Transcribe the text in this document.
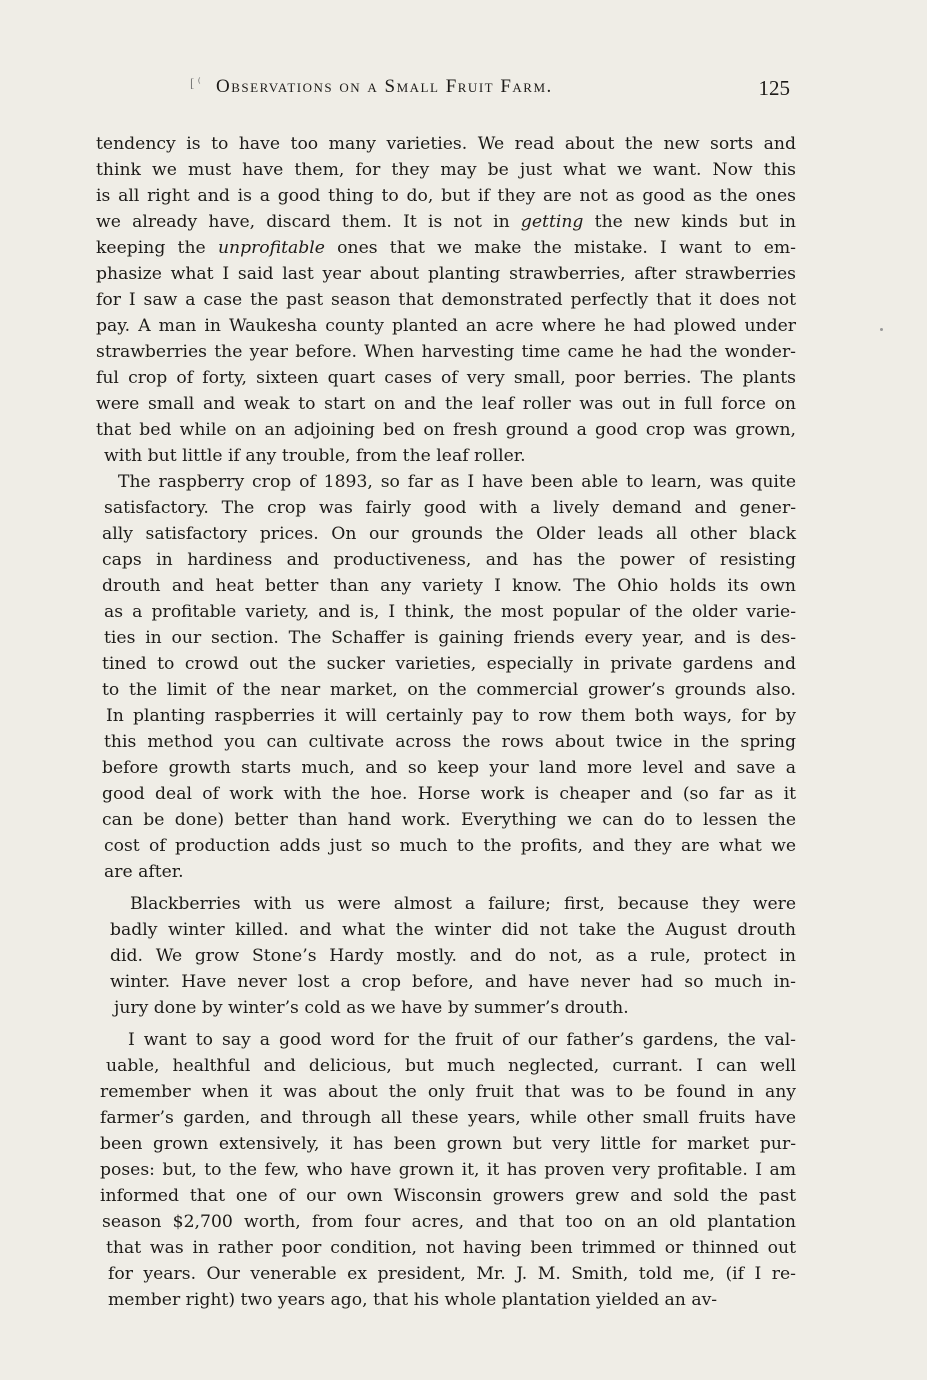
[ ⁽ Observations on a Small Fruit Farm.	125
tendency is to have too many varieties. We read about the new sorts and
think we must have them, for they may be just what we want. Now this
is all right and is a good thing to do, but if they are not as good as the ones
we already have, discard them. It is not in getting the new kinds but in
keeping the unprofitable ones that we make the mistake. I want to em-
phasize what I said last year about planting strawberries, after strawberries
for I saw a case the past season that demonstrated perfectly that it does not
pay. A man in Waukesha county planted an acre where he had plowed under
strawberries the year before. When harvesting time came he had the wonder-
ful crop of forty, sixteen quart cases of very small, poor berries. The plants
were small and weak to start on and the leaf roller was out in full force on
that bed while on an adjoining bed on fresh ground a good crop was grown,
with but little if any trouble, from the leaf roller.
The raspberry crop of 1893, so far as I have been able to learn, was quite
satisfactory. The crop was fairly good with a lively demand and gener-
ally satisfactory prices. On our grounds the Older leads all other black
caps in hardiness and productiveness, and has the power of resisting
drouth and heat better than any variety I know. The Ohio holds its own
as a profitable variety, and is, I think, the most popular of the older varie-
ties in our section. The Schaffer is gaining friends every year, and is des-
tined to crowd out the sucker varieties, especially in private gardens and
to the limit of the near market, on the commercial grower’s grounds also.
In planting raspberries it will certainly pay to row them both ways, for by
this method you can cultivate across the rows about twice in the spring
before growth starts much, and so keep your land more level and save a
good deal of work with the hoe. Horse work is cheaper and (so far as it
can be done) better than hand work. Everything we can do to lessen the
cost of production adds just so much to the profits, and they are what we
are after.
Blackberries with us were almost a failure; first, because they were
badly winter killed. and what the winter did not take the August drouth
did. We grow Stone’s Hardy mostly. and do not, as a rule, protect in
winter. Have never lost a crop before, and have never had so much in-
jury done by winter’s cold as we have by summer’s drouth.
I want to say a good word for the fruit of our father’s gardens, the val-
uable, healthful and delicious, but much neglected, currant. I can well
remember when it was about the only fruit that was to be found in any
farmer’s garden, and through all these years, while other small fruits have
been grown extensively, it has been grown but very little for market pur-
poses: but, to the few, who have grown it, it has proven very profitable. I am
informed that one of our own Wisconsin growers grew and sold the past
season $2,700 worth, from four acres, and that too on an old plantation
that was in rather poor condition, not having been trimmed or thinned out
for years. Our venerable ex president, Mr. J. M. Smith, told me, (if I re-
member right) two years ago, that his whole plantation yielded an av-
